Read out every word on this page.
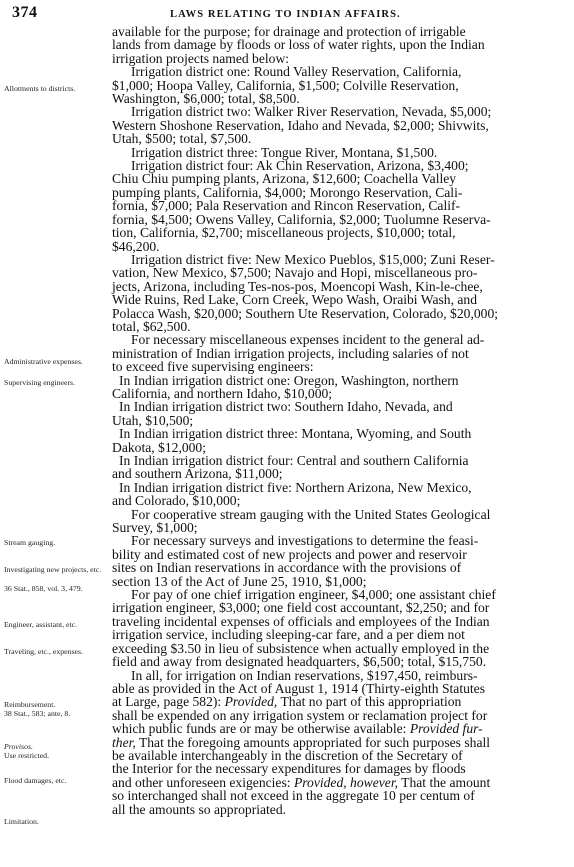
374	LAWS RELATING TO INDIAN AFFAIRS.
Allotments to districts.
Administrative expenses.
Supervising engineers.
Stream gauging.
Investigating new projects, etc.
36 Stat., 858, vol. 3, 479.
Engineer, assistant, etc.
Traveling, etc., expenses.
Reimbursement.
38 Stat., 583; ante, 8.
Provisos.
Use restricted.
Flood damages, etc.
Limitation.
available for the purpose; for drainage and protection of irrigable
lands from damage by floods or loss of water rights, upon the Indian
irrigation projects named below:
Irrigation district one: Round Valley Reservation, California,
$1,000; Hoopa Valley, California, $1,500; Colville Reservation,
Washington, $6,000; total, $8,500.
Irrigation district two: Walker River Reservation, Nevada, $5,000;
Western Shoshone Reservation, Idaho and Nevada, $2,000; Shivwits,
Utah, $500; total, $7,500.
Irrigation district three: Tongue River, Montana, $1,500.
Irrigation district four: Ak Chin Reservation, Arizona, $3,400;
Chiu Chiu pumping plants, Arizona, $12,600; Coachella Valley
pumping plants, California, $4,000; Morongo Reservation, Cali-
fornia, $7,000; Pala Reservation and Rincon Reservation, Calif-
fornia, $4,500; Owens Valley, California, $2,000; Tuolumne Reserva-
tion, California, $2,700; miscellaneous projects, $10,000; total,
$46,200.
Irrigation district five: New Mexico Pueblos, $15,000; Zuni Reser-
vation, New Mexico, $7,500; Navajo and Hopi, miscellaneous pro-
jects, Arizona, including Tes-nos-pos, Moencopi Wash, Kin-le-chee,
Wide Ruins, Red Lake, Corn Creek, Wepo Wash, Oraibi Wash, and
Polacca Wash, $20,000; Southern Ute Reservation, Colorado, $20,000;
total, $62,500.
For necessary miscellaneous expenses incident to the general ad-
ministration of Indian irrigation projects, including salaries of not
to exceed five supervising engineers:
In Indian irrigation district one: Oregon, Washington, northern
California, and northern Idaho, $10,000;
In Indian irrigation district two: Southern Idaho, Nevada, and
Utah, $10,500;
In Indian irrigation district three: Montana, Wyoming, and South
Dakota, $12,000;
In Indian irrigation district four: Central and southern California
and southern Arizona, $11,000;
In Indian irrigation district five: Northern Arizona, New Mexico,
and Colorado, $10,000;
For cooperative stream gauging with the United States Geological
Survey, $1,000;
For necessary surveys and investigations to determine the feasi-
bility and estimated cost of new projects and power and reservoir
sites on Indian reservations in accordance with the provisions of
section 13 of the Act of June 25, 1910, $1,000;
For pay of one chief irrigation engineer, $4,000; one assistant chief
irrigation engineer, $3,000; one field cost accountant, $2,250; and for
traveling incidental expenses of officials and employees of the Indian
irrigation service, including sleeping-car fare, and a per diem not
exceeding $3.50 in lieu of subsistence when actually employed in the
field and away from designated headquarters, $6,500; total, $15,750.
In all, for irrigation on Indian reservations, $197,450, reimburs-
able as provided in the Act of August 1, 1914 (Thirty-eighth Statutes
at Large, page 582): Provided, That no part of this appropriation
shall be expended on any irrigation system or reclamation project for
which public funds are or may be otherwise available: Provided fur-
ther, That the foregoing amounts appropriated for such purposes shall
be available interchangeably in the discretion of the Secretary of
the Interior for the necessary expenditures for damages by floods
and other unforeseen exigencies: Provided, however, That the amount
so interchanged shall not exceed in the aggregate 10 per centum of
all the amounts so appropriated.
